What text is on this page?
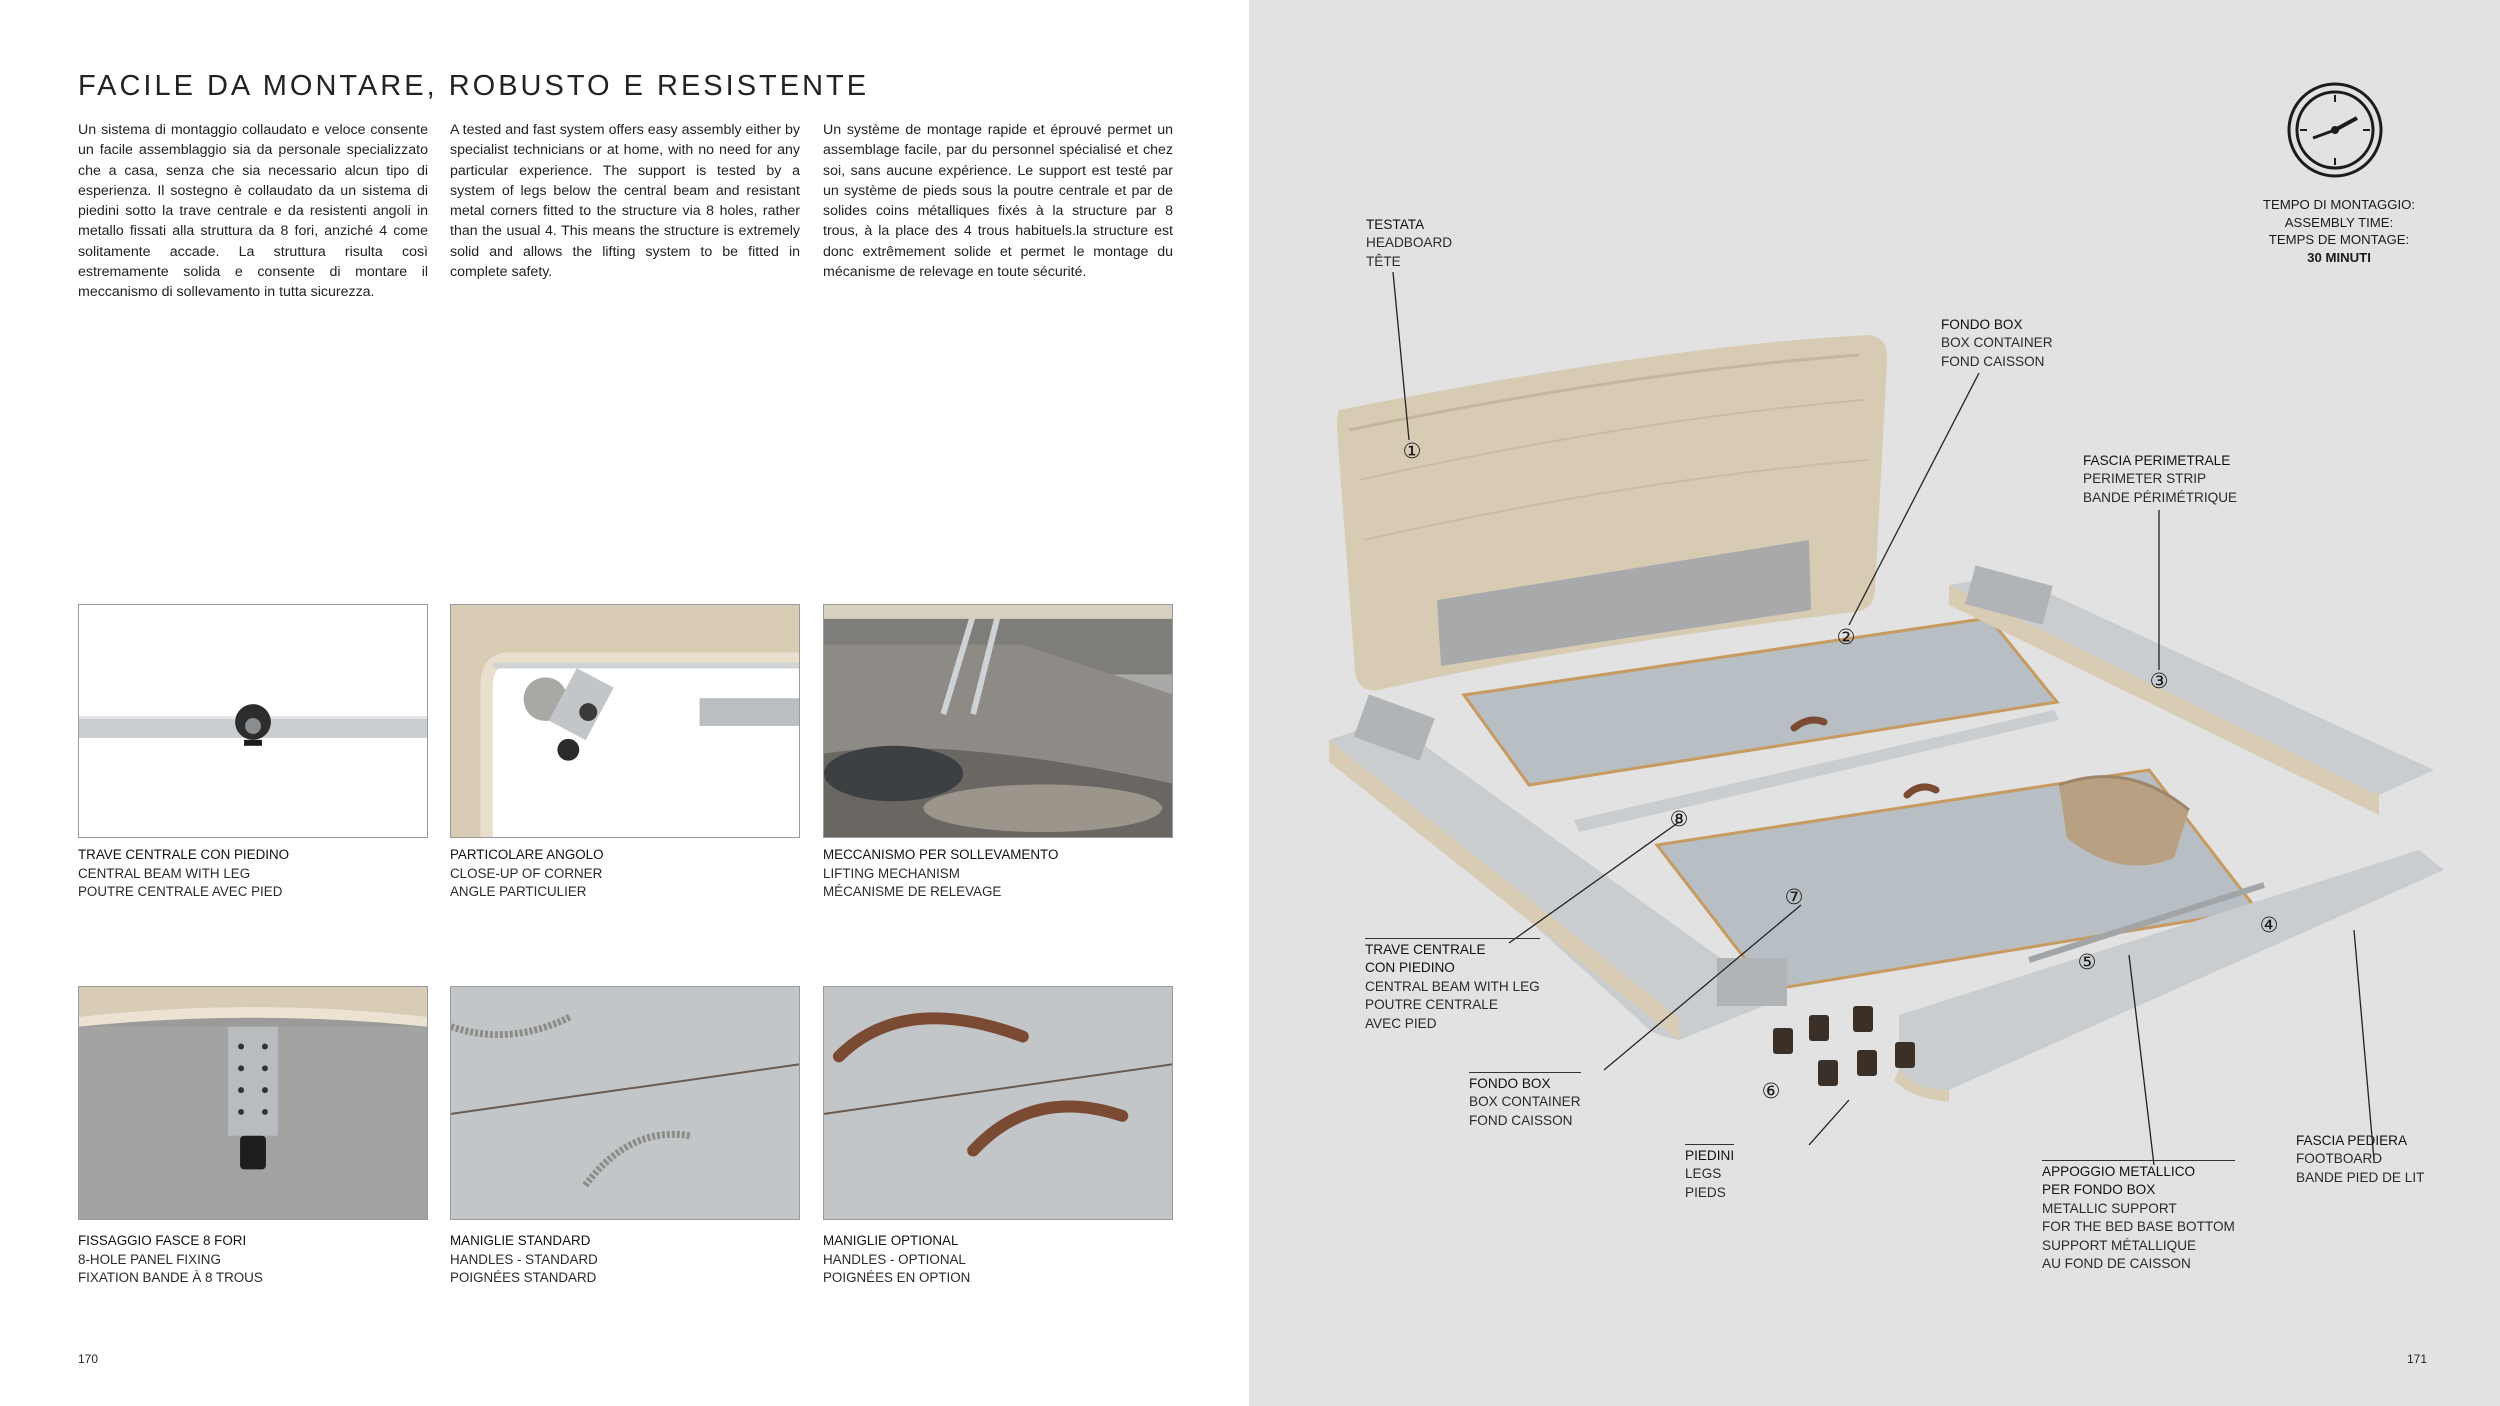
FACILE DA MONTARE, ROBUSTO E RESISTENTE

Un sistema di montaggio collaudato e veloce consente un facile assemblaggio sia da personale specializzato che a casa, senza che sia necessario alcun tipo di esperienza. Il sostegno è collaudato da un sistema di piedini sotto la trave centrale e da resistenti angoli in metallo fissati alla struttura da 8 fori, anziché 4 come solitamente accade. La struttura risulta così estremamente solida e consente di montare il meccanismo di sollevamento in tutta sicurezza.

A tested and fast system offers easy assembly either by specialist technicians or at home, with no need for any particular experience. The support is tested by a system of legs below the central beam and resistant metal corners fitted to the structure via 8 holes, rather than the usual 4. This means the structure is extremely solid and allows the lifting system to be fitted in complete safety.

Un système de montage rapide et éprouvé permet un assemblage facile, par du personnel spécialisé et chez soi, sans aucune expérience. Le support est testé par un système de pieds sous la poutre centrale et par de solides coins métalliques fixés à la structure par 8 trous, à la place des 4 trous habituels.la structure est donc extrêmement solide et permet le montage du mécanisme de relevage en toute sécurité.

TRAVE CENTRALE CON PIEDINO
CENTRAL BEAM WITH LEG
POUTRE CENTRALE AVEC PIED
PARTICOLARE ANGOLO
CLOSE-UP OF CORNER
ANGLE PARTICULIER
MECCANISMO PER SOLLEVAMENTO
LIFTING MECHANISM
MÉCANISME DE RELEVAGE
FISSAGGIO FASCE 8 FORI
8-HOLE PANEL FIXING
FIXATION BANDE À 8 TROUS
MANIGLIE STANDARD
HANDLES - STANDARD
POIGNÉES STANDARD
MANIGLIE OPTIONAL
HANDLES - OPTIONAL
POIGNÉES EN OPTION
170
①
②
③
④
⑤
⑥
⑦
⑧
TEMPO DI MONTAGGIO:
ASSEMBLY TIME:
TEMPS DE MONTAGE:
30 MINUTI
TESTATA
HEADBOARD
TÊTE
FONDO BOX
BOX CONTAINER
FOND CAISSON
FASCIA PERIMETRALE
PERIMETER STRIP
BANDE PÉRIMÉTRIQUE
TRAVE CENTRALE
CON PIEDINO
CENTRAL BEAM WITH LEG
POUTRE CENTRALE
AVEC PIED
FONDO BOX
BOX CONTAINER
FOND CAISSON
PIEDINI
LEGS
PIEDS
APPOGGIO METALLICO
PER FONDO BOX
METALLIC SUPPORT
FOR THE BED BASE BOTTOM
SUPPORT MÉTALLIQUE
AU FOND DE CAISSON
FASCIA PEDIERA
FOOTBOARD
BANDE PIED DE LIT
171
